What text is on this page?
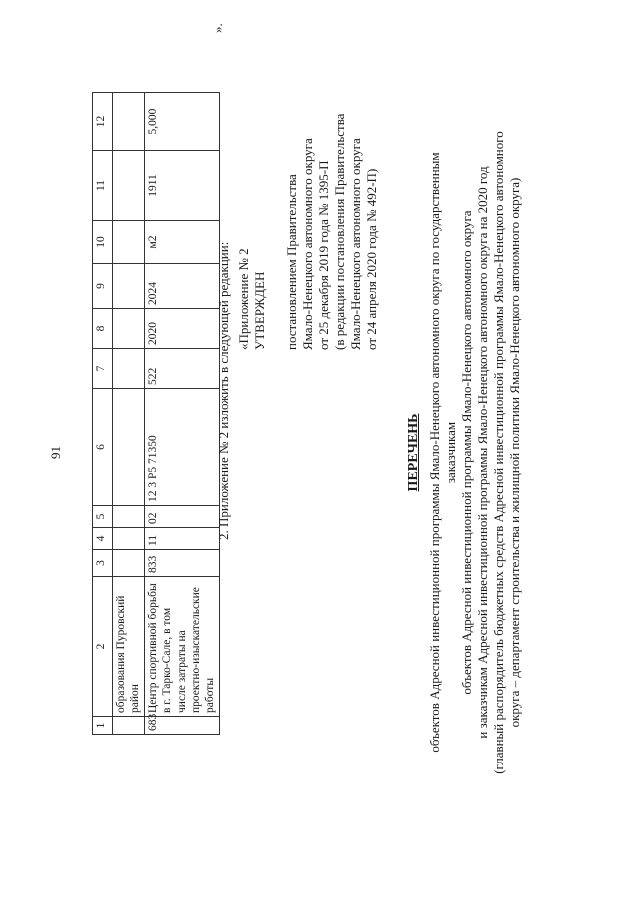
91
1	2	3	4	5	6	7	8	9	10	11	12
	образования Пуровский район										
683	Центр спортивной борьбы в г. Тарко-Сале, в том числе затраты на проектно-изыскательские работы	833	11	02	12 3 P5 71350	522	2020	2024	м2	1911	5,000
».
2. Приложение № 2 изложить в следующей редакции: «Приложение № 2 УТВЕРЖДЕН постановлением Правительства Ямало-Ненецкого автономного округа от 25 декабря 2019 года № 1395-П (в редакции постановления Правительства Ямало-Ненецкого автономного округа от 24 апреля 2020 года № 492-П)
ПЕРЕЧЕНЬ объектов Адресной инвестиционной программы Ямало-Ненецкого автономного округа по государственным заказчикам объектов Адресной инвестиционной программы Ямало-Ненецкого автономного округа и заказчикам Адресной инвестиционной программы Ямало-Ненецкого автономного округа на 2020 год (главный распорядитель бюджетных средств Адресной инвестиционной программы Ямало-Ненецкого автономного округа – департамент строительства и жилищной политики Ямало-Ненецкого автономного округа)
